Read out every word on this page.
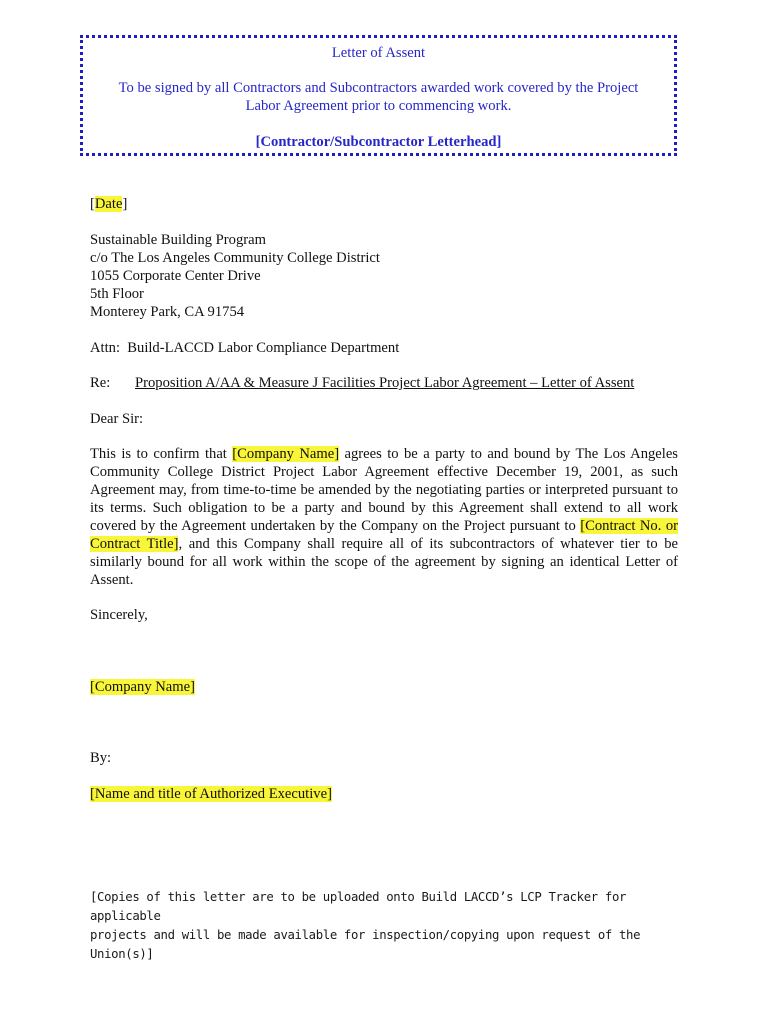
Letter of Assent
To be signed by all Contractors and Subcontractors awarded work covered by the Project Labor Agreement prior to commencing work.
[Contractor/Subcontractor Letterhead]
[Date]
Sustainable Building Program
c/o The Los Angeles Community College District
1055 Corporate Center Drive
5th Floor
Monterey Park, CA 91754
Attn:  Build-LACCD Labor Compliance Department
Re: Proposition A/AA & Measure J Facilities Project Labor Agreement – Letter of Assent
Dear Sir:

This is to confirm that [Company Name] agrees to be a party to and bound by The Los Angeles Community College District Project Labor Agreement effective December 19, 2001, as such Agreement may, from time-to-time be amended by the negotiating parties or interpreted pursuant to its terms. Such obligation to be a party and bound by this Agreement shall extend to all work covered by the Agreement undertaken by the Company on the Project pursuant to [Contract No. or Contract Title], and this Company shall require all of its subcontractors of whatever tier to be similarly bound for all work within the scope of the agreement by signing an identical Letter of Assent.

Sincerely,
[Company Name]
By:
[Name and title of Authorized Executive]
[Copies of this letter are to be uploaded onto Build LACCD’s LCP Tracker for applicable
projects and will be made available for inspection/copying upon request of the Union(s)]
